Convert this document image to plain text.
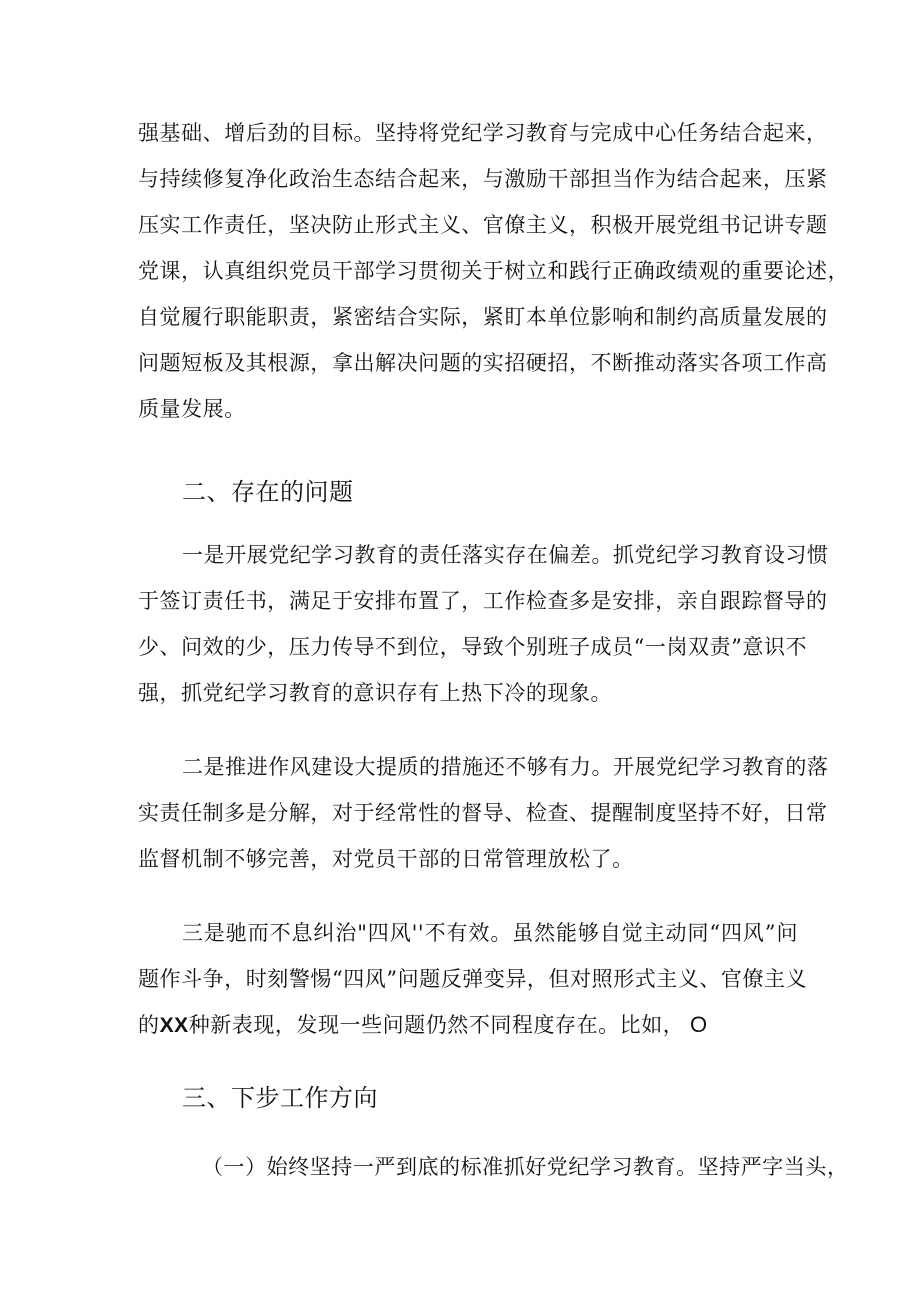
强基础、增后劲的目标。坚持将党纪学习教育与完成中心任务结合起来，
与持续修复净化政治生态结合起来，与激励干部担当作为结合起来，压紧
压实工作责任，坚决防止形式主义、官僚主义，积极开展党组书记讲专题
党课，认真组织党员干部学习贯彻关于树立和践行正确政绩观的重要论述，
自觉履行职能职责，紧密结合实际，紧盯本单位影响和制约高质量发展的
问题短板及其根源，拿出解决问题的实招硬招，不断推动落实各项工作高
质量发展。
二、存在的问题
一是开展党纪学习教育的责任落实存在偏差。抓党纪学习教育设习惯
于签订责任书，满足于安排布置了，工作检查多是安排，亲自跟踪督导的
少、问效的少，压力传导不到位，导致个别班子成员“一岗双责”意识不
强，抓党纪学习教育的意识存有上热下冷的现象。
二是推进作风建设大提质的措施还不够有力。开展党纪学习教育的落
实责任制多是分解，对于经常性的督导、检查、提醒制度坚持不好，日常
监督机制不够完善，对党员干部的日常管理放松了。
三是驰而不息纠治"四风''不有效。虽然能够自觉主动同“四风”问
题作斗争，时刻警惕“四风”问题反弹变异，但对照形式主义、官僚主义
的XX种新表现，发现一些问题仍然不同程度存在。比如， O
三、下步工作方向
（一）始终坚持一严到底的标准抓好党纪学习教育。坚持严字当头，
